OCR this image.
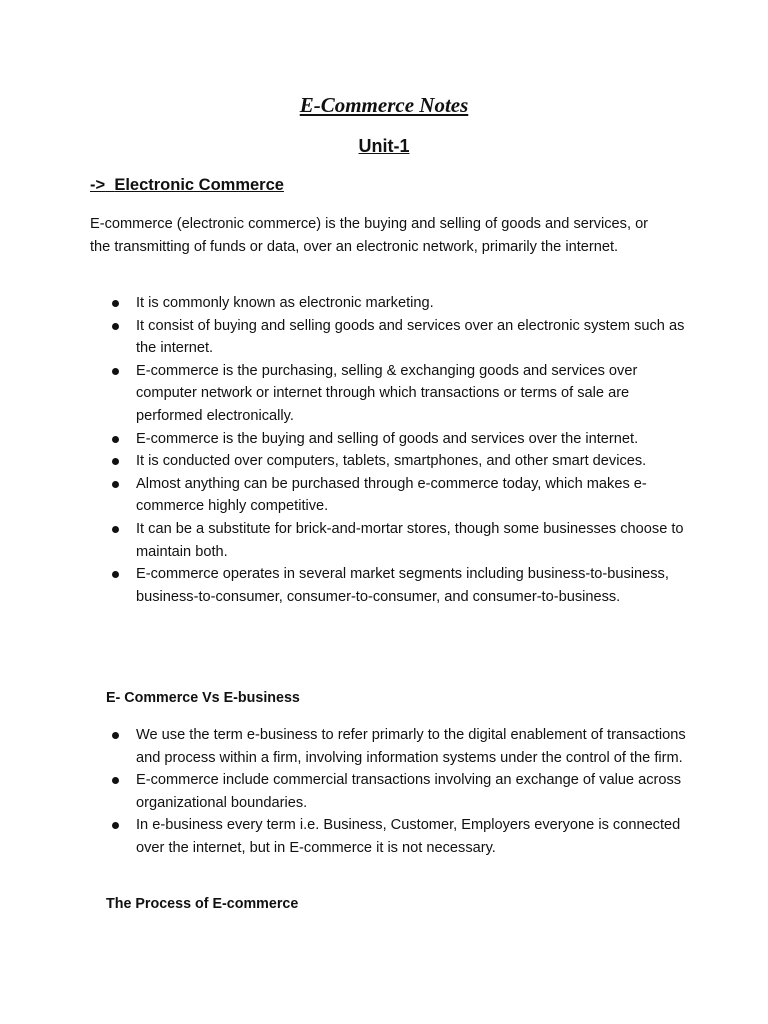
E-Commerce Notes
Unit-1
-> Electronic Commerce

E-commerce (electronic commerce) is the buying and selling of goods and services, or the transmitting of funds or data, over an electronic network, primarily the internet.

It is commonly known as electronic marketing.
It consist of buying and selling goods and services over an electronic system such as the internet.
E-commerce is the purchasing, selling & exchanging goods and services over computer network or internet through which transactions or terms of sale are performed electronically.
E-commerce is the buying and selling of goods and services over the internet.
It is conducted over computers, tablets, smartphones, and other smart devices.
Almost anything can be purchased through e-commerce today, which makes e-commerce highly competitive.
It can be a substitute for brick-and-mortar stores, though some businesses choose to maintain both.
E-commerce operates in several market segments including business-to-business, business-to-consumer, consumer-to-consumer, and consumer-to-business.
E- Commerce Vs E-business
We use the term e-business to refer primarly to the digital enablement of transactions and process within a firm, involving information systems under the control of the firm.
E-commerce include commercial transactions involving an exchange of value across organizational boundaries.
In e-business every term i.e. Business, Customer, Employers everyone is connected over the internet, but in E-commerce it is not necessary.
The Process of E-commerce
